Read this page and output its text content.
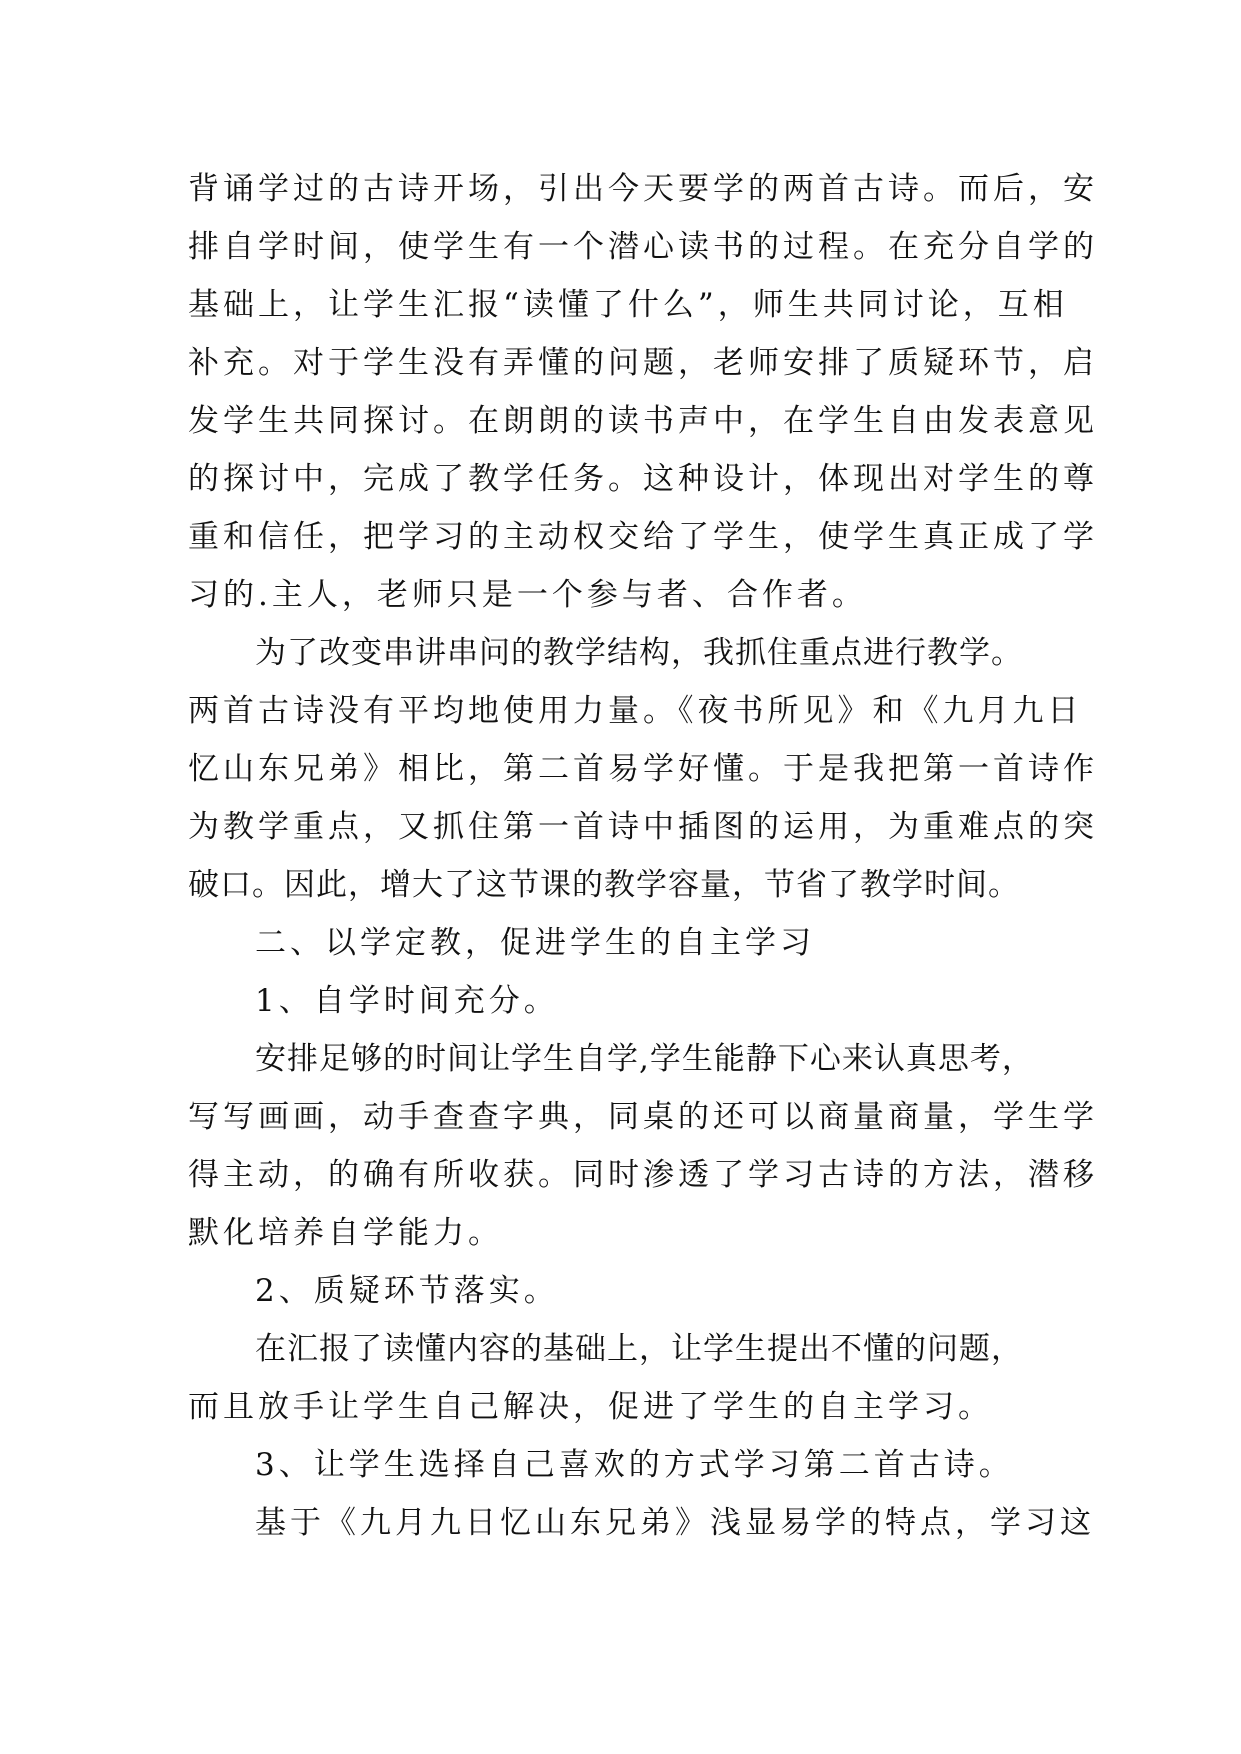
背诵学过的古诗开场，引出今天要学的两首古诗。而后，安

排自学时间，使学生有一个潜心读书的过程。在充分自学的

基础上，让学生汇报“读懂了什么”，师生共同讨论，互相

补充。对于学生没有弄懂的问题，老师安排了质疑环节，启

发学生共同探讨。在朗朗的读书声中，在学生自由发表意见

的探讨中，完成了教学任务。这种设计，体现出对学生的尊

重和信任，把学习的主动权交给了学生，使学生真正成了学

习的.主人，老师只是一个参与者、合作者。

为了改变串讲串问的教学结构，我抓住重点进行教学。

两首古诗没有平均地使用力量。《夜书所见》和《九月九日

忆山东兄弟》相比，第二首易学好懂。于是我把第一首诗作

为教学重点，又抓住第一首诗中插图的运用，为重难点的突

破口。因此，增大了这节课的教学容量，节省了教学时间。

二、以学定教，促进学生的自主学习

1、自学时间充分。

安排足够的时间让学生自学,学生能静下心来认真思考，

写写画画，动手查查字典，同桌的还可以商量商量，学生学

得主动，的确有所收获。同时渗透了学习古诗的方法，潜移

默化培养自学能力。

2、质疑环节落实。

在汇报了读懂内容的基础上，让学生提出不懂的问题，

而且放手让学生自己解决，促进了学生的自主学习。

3、让学生选择自己喜欢的方式学习第二首古诗。

基于《九月九日忆山东兄弟》浅显易学的特点，学习这
